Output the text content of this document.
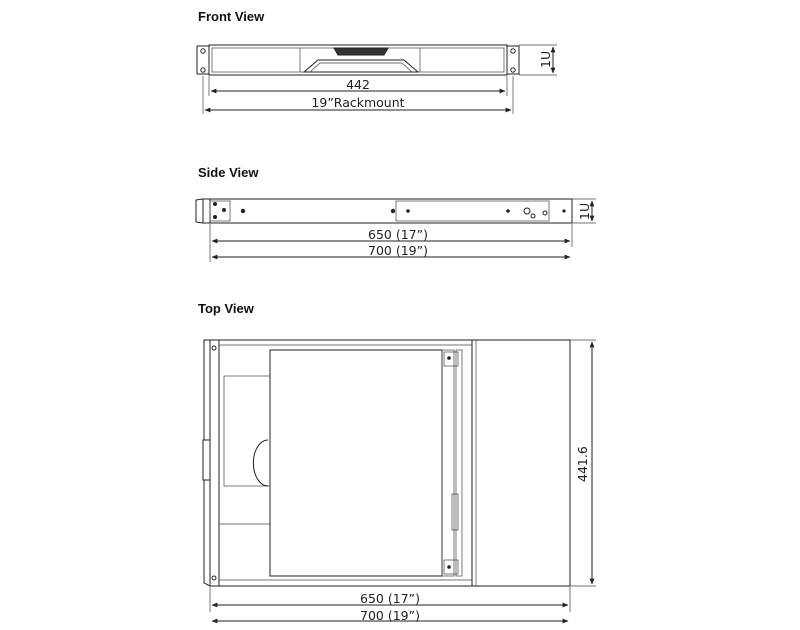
Front View
1U
442
19”Rackmount
Side View
1U
650 (17”)
700 (19”)
Top View
441.6
650 (17”)
700 (19”)
